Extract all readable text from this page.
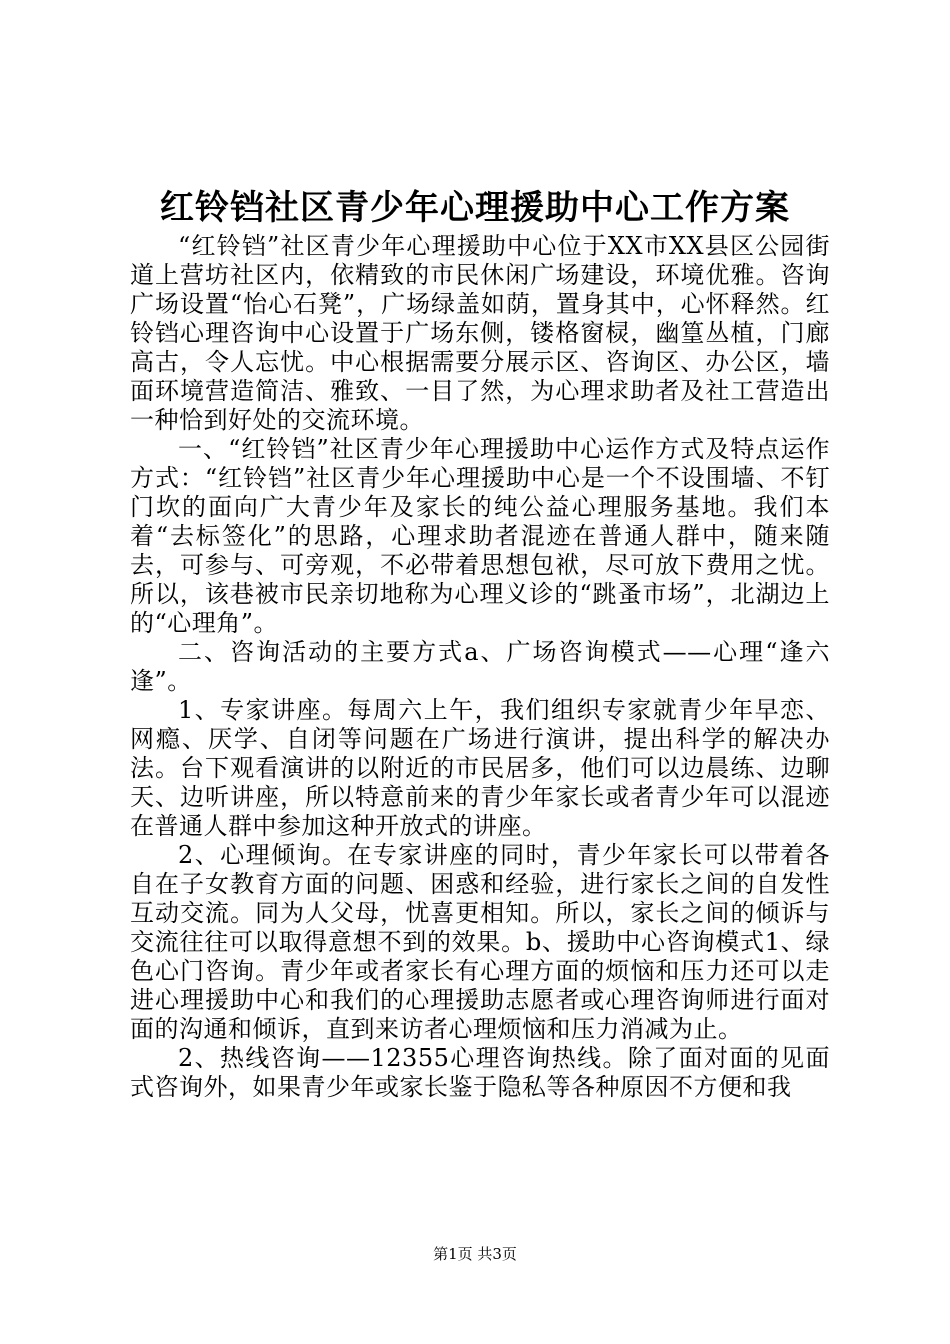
红铃铛社区青少年心理援助中心工作方案

“红铃铛”社区青少年心理援助中心位于XX市XX县区公园街道上营坊社区内，依精致的市民休闲广场建设，环境优雅。咨询广场设置“怡心石凳”，广场绿盖如荫，置身其中，心怀释然。红铃铛心理咨询中心设置于广场东侧，镂格窗棂，幽篁丛植，门廊高古，令人忘忧。中心根据需要分展示区、咨询区、办公区，墙面环境营造简洁、雅致、一目了然，为心理求助者及社工营造出一种恰到好处的交流环境。

一、“红铃铛”社区青少年心理援助中心运作方式及特点运作方式：“红铃铛”社区青少年心理援助中心是一个不设围墙、不钉门坎的面向广大青少年及家长的纯公益心理服务基地。我们本着“去标签化”的思路，心理求助者混迹在普通人群中，随来随去，可参与、可旁观，不必带着思想包袱，尽可放下费用之忧。所以，该巷被市民亲切地称为心理义诊的“跳蚤市场”，北湖边上的“心理角”。

二、咨询活动的主要方式a、广场咨询模式——心理“逢六逢”。

1、专家讲座。每周六上午，我们组织专家就青少年早恋、网瘾、厌学、自闭等问题在广场进行演讲，提出科学的解决办法。台下观看演讲的以附近的市民居多，他们可以边晨练、边聊天、边听讲座，所以特意前来的青少年家长或者青少年可以混迹在普通人群中参加这种开放式的讲座。

2、心理倾询。在专家讲座的同时，青少年家长可以带着各自在子女教育方面的问题、困惑和经验，进行家长之间的自发性互动交流。同为人父母，忧喜更相知。所以，家长之间的倾诉与交流往往可以取得意想不到的效果。b、援助中心咨询模式1、绿色心门咨询。青少年或者家长有心理方面的烦恼和压力还可以走进心理援助中心和我们的心理援助志愿者或心理咨询师进行面对面的沟通和倾诉，直到来访者心理烦恼和压力消减为止。

2、热线咨询——12355心理咨询热线。除了面对面的见面式咨询外，如果青少年或家长鉴于隐私等各种原因不方便和我

第1页 共3页
